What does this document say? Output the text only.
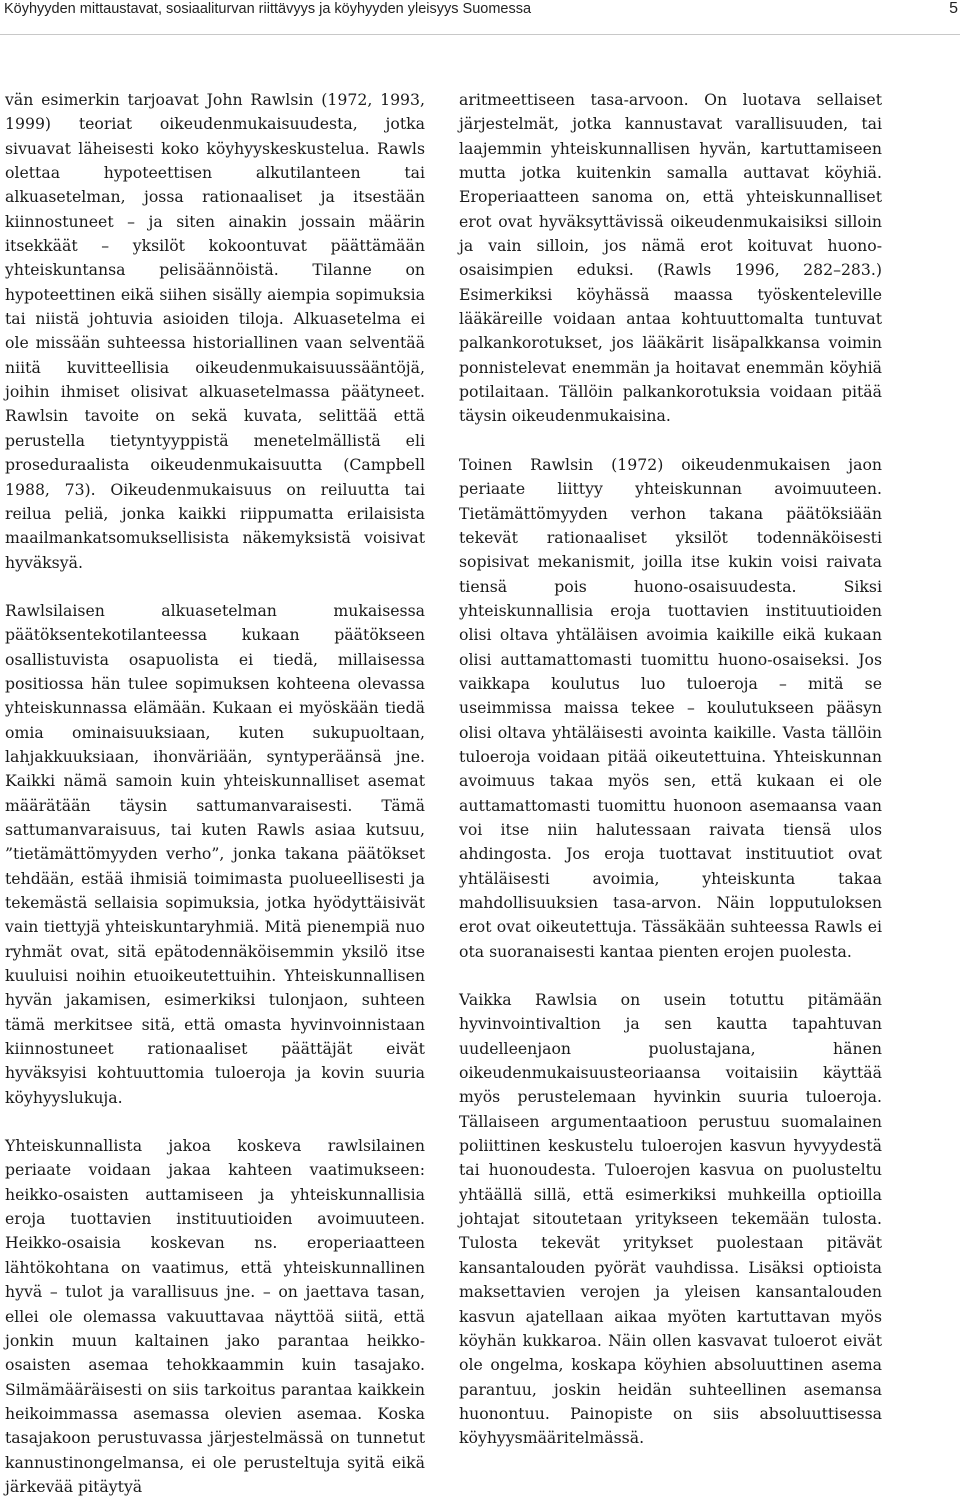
Köyhyyden mittaustavat, sosiaaliturvan riittävyys ja köyhyyden yleisyys Suomessa	5

vän esimerkin tarjoavat John Rawlsin (1972, 1993, 1999) teoriat oikeudenmukaisuudesta, jotka sivuavat läheisesti koko köyhyyskeskustelua. Rawls olettaa hypoteettisen alkutilanteen tai alkuasetelman, jossa rationaaliset ja itsestään kiinnostuneet – ja siten ainakin jossain määrin itsekkäät – yksilöt kokoontuvat päättämään yhteiskuntansa pelisäännöistä. Tilanne on hypoteettinen eikä siihen sisälly aiempia sopimuksia tai niistä johtuvia asioiden tiloja. Alkuasetelma ei ole missään suhteessa historiallinen vaan selventää niitä kuvitteellisia oikeudenmukaisuussääntöjä, joihin ihmiset olisivat alkuasetelmassa päätyneet. Rawlsin tavoite on sekä kuvata, selittää että perustella tietyntyyppistä menetelmällistä eli proseduraalista oikeudenmukaisuutta (Campbell 1988, 73). Oikeudenmukaisuus on reiluutta tai reilua peliä, jonka kaikki riippumatta erilaisista maailmankatsomuksellisista näkemyksistä voisivat hyväksyä.

Rawlsilaisen alkuasetelman mukaisessa päätöksentekotilanteessa kukaan päätökseen osallistuvista osapuolista ei tiedä, millaisessa positiossa hän tulee sopimuksen kohteena olevassa yhteiskunnassa elämään. Kukaan ei myöskään tiedä omia ominaisuuksiaan, kuten sukupuoltaan, lahjakkuuksiaan, ihonväriään, syntyperäänsä jne. Kaikki nämä samoin kuin yhteiskunnalliset asemat määrätään täysin sattumanvaraisesti. Tämä sattumanvaraisuus, tai kuten Rawls asiaa kutsuu, ”tietämättömyyden verho”, jonka takana päätökset tehdään, estää ihmisiä toimimasta puolueellisesti ja tekemästä sellaisia sopimuksia, jotka hyödyttäisivät vain tiettyjä yhteiskuntaryhmiä. Mitä pienempiä nuo ryhmät ovat, sitä epätodennäköisemmin yksilö itse kuuluisi noihin etuoikeutettuihin. Yhteiskunnallisen hyvän jakamisen, esimerkiksi tulonjaon, suhteen tämä merkitsee sitä, että omasta hyvinvoinnistaan kiinnostuneet rationaaliset päättäjät eivät hyväksyisi kohtuuttomia tuloeroja ja kovin suuria köyhyyslukuja.

Yhteiskunnallista jakoa koskeva rawlsilainen periaate voidaan jakaa kahteen vaatimukseen: heikko-osaisten auttamiseen ja yhteiskunnallisia eroja tuottavien instituutioiden avoimuuteen. Heikko-osaisia koskevan ns. eroperiaatteen lähtökohtana on vaatimus, että yhteiskunnallinen hyvä – tulot ja varallisuus jne. – on jaettava tasan, ellei ole olemassa vakuuttavaa näyttöä siitä, että jonkin muun kaltainen jako parantaa heikko-osaisten asemaa tehokkaammin kuin tasajako. Silmämääräisesti on siis tarkoitus parantaa kaikkein heikoimmassa asemassa olevien asemaa. Koska tasajakoon perustuvassa järjestelmässä on tunnetut kannustinongelmansa, ei ole perusteltuja syitä eikä järkevää pitäytyä

aritmeettiseen tasa-arvoon. On luotava sellaiset järjestelmät, jotka kannustavat varallisuuden, tai laajemmin yhteiskunnallisen hyvän, kartuttamiseen mutta jotka kuitenkin samalla auttavat köyhiä. Eroperiaatteen sanoma on, että yhteiskunnalliset erot ovat hyväksyttävissä oikeudenmukaisiksi silloin ja vain silloin, jos nämä erot koituvat huono-osaisimpien eduksi. (Rawls 1996, 282–283.) Esimerkiksi köyhässä maassa työskenteleville lääkäreille voidaan antaa kohtuuttomalta tuntuvat palkankorotukset, jos lääkärit lisäpalkkansa voimin ponnistelevat enemmän ja hoitavat enemmän köyhiä potilaitaan. Tällöin palkankorotuksia voidaan pitää täysin oikeudenmukaisina.

Toinen Rawlsin (1972) oikeudenmukaisen jaon periaate liittyy yhteiskunnan avoimuuteen. Tietämättömyyden verhon takana päätöksiään tekevät rationaaliset yksilöt todennäköisesti sopisivat mekanismit, joilla itse kukin voisi raivata tiensä pois huono-osaisuudesta. Siksi yhteiskunnallisia eroja tuottavien instituutioiden olisi oltava yhtäläisen avoimia kaikille eikä kukaan olisi auttamattomasti tuomittu huono-osaiseksi. Jos vaikkapa koulutus luo tuloeroja – mitä se useimmissa maissa tekee – koulutukseen pääsyn olisi oltava yhtäläisesti avointa kaikille. Vasta tällöin tuloeroja voidaan pitää oikeutettuina. Yhteiskunnan avoimuus takaa myös sen, että kukaan ei ole auttamattomasti tuomittu huonoon asemaansa vaan voi itse niin halutessaan raivata tiensä ulos ahdingosta. Jos eroja tuottavat instituutiot ovat yhtäläisesti avoimia, yhteiskunta takaa mahdollisuuksien tasa-arvon. Näin lopputuloksen erot ovat oikeutettuja. Tässäkään suhteessa Rawls ei ota suoranaisesti kantaa pienten erojen puolesta.

Vaikka Rawlsia on usein totuttu pitämään hyvinvointivaltion ja sen kautta tapahtuvan uudelleenjaon puolustajana, hänen oikeudenmukaisuusteoriaansa voitaisiin käyttää myös perustelemaan hyvinkin suuria tuloeroja. Tällaiseen argumentaatioon perustuu suomalainen poliittinen keskustelu tuloerojen kasvun hyvyydestä tai huonoudesta. Tuloerojen kasvua on puolusteltu yhtäällä sillä, että esimerkiksi muhkeilla optioilla johtajat sitoutetaan yritykseen tekemään tulosta. Tulosta tekevät yritykset puolestaan pitävät kansantalouden pyörät vauhdissa. Lisäksi optioista maksettavien verojen ja yleisen kansantalouden kasvun ajatellaan aikaa myöten kartuttavan myös köyhän kukkaroa. Näin ollen kasvavat tuloerot eivät ole ongelma, koskapa köyhien absoluuttinen asema parantuu, joskin heidän suhteellinen asemansa huonontuu. Painopiste on siis absoluuttisessa köyhyysmääritelmässä.
